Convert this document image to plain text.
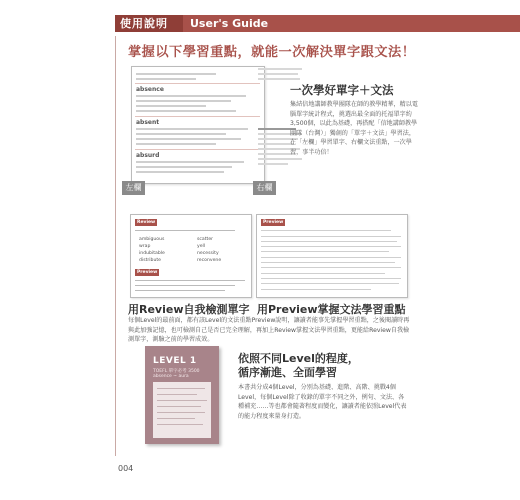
使用說明 User's Guide
掌握以下學習重點，就能一次解決單字跟文法！
absence
absent
absurd
左欄	右欄
一次學好單字＋文法
集結信地講師教學團隊在師的教學精華，精以電腦單字統計程式，挑選出最全面的托福單字約3,500個，以此為基礎，再搭配「信地講師教學團隊（台灣）」獨創的「單字＋文法」學習法，在「左欄」學習單字、右欄文法重點，一次學習，事半功倍！
Review
ambiguous
wrap
indubitable
distribute
scatter
yell
necessity
reconvene
Preview
Preview
用Review自我檢測單字 用Preview掌握文法學習重點
每個Level的最前面，都有該Level的文法重點Preview說明，讓讀者能事先掌握學習重點，之後閱讀時再與此加強記憶，也可檢測自己是否已完全理解，再加上Review掌握文法學習重點，更能給Review自我檢測單字，測驗之前的學習成效。
LEVEL 1
TOEFL 單字必考 3500
absence ~ aura
依照不同Level的程度，
循序漸進、全面學習
本書共分成4個Level，分別為基礎、進階、高階、挑戰4個Level，每個Level除了收錄的單字不同之外，例句、文法、各種補充……等也都會隨著程度而變化，讓讀者能依照Level代表的能力程度來量身打造。
004
